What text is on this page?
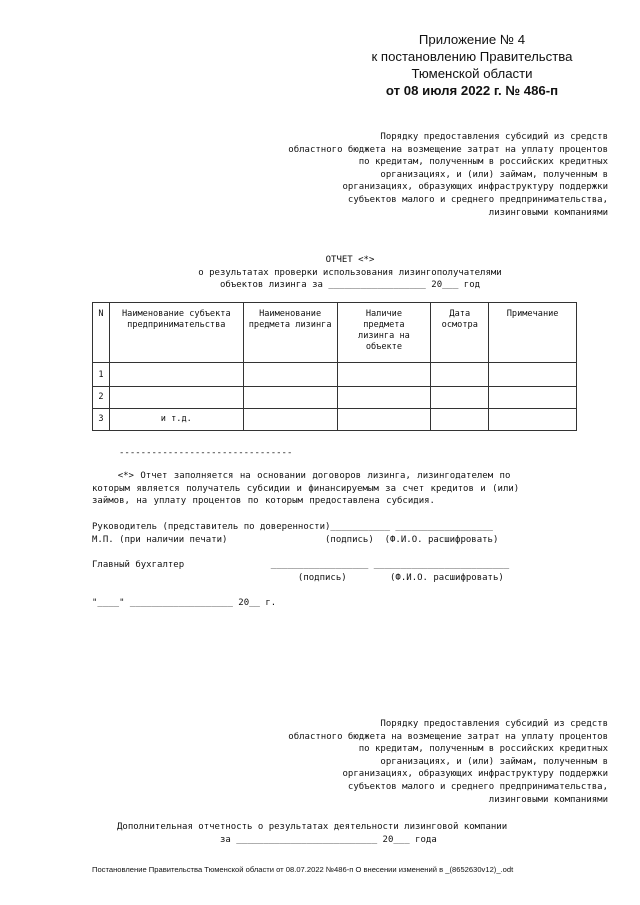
Приложение № 4
к постановлению Правительства
Тюменской области
от 08 июля 2022 г. № 486-п
Порядку предоставления субсидий из средств
областного бюджета на возмещение затрат на уплату процентов
по кредитам, полученным в российских кредитных
организациях, и (или) займам, полученным в
организациях, образующих инфраструктуру поддержки
субъектов малого и среднего предпринимательства,
лизинговыми компаниями
ОТЧЕТ <*>
о результатах проверки использования лизингополучателями
объектов лизинга за __________________ 20___ год
N	Наименование субъекта предпринимательства	Наименование предмета лизинга	Наличие предмета лизинга на объекте	Дата осмотра	Примечание
1					
2					
3	и т.д.				
--------------------------------
<*> Отчет заполняется на основании договоров лизинга, лизингодателем по
которым является получатель субсидии и финансируемым за счет кредитов и (или)
займов, на уплату процентов по которым предоставлена субсидия.
Руководитель (представитель по доверенности)___________ __________________
М.П. (при наличии печати)                  (подпись)  (Ф.И.О. расшифровать)
Главный бухгалтер                __________________ _________________________
(подпись)        (Ф.И.О. расшифровать)
"____" ___________________ 20__ г.
Порядку предоставления субсидий из средств
областного бюджета на возмещение затрат на уплату процентов
по кредитам, полученным в российских кредитных
организациях, и (или) займам, полученным в
организациях, образующих инфраструктуру поддержки
субъектов малого и среднего предпринимательства,
лизинговыми компаниями
Дополнительная отчетность о результатах деятельности лизинговой компании
за __________________________ 20___ года
Постановление Правительства Тюменской области от 08.07.2022 №486-п О внесении изменений в _(8652630v12)_.odt
